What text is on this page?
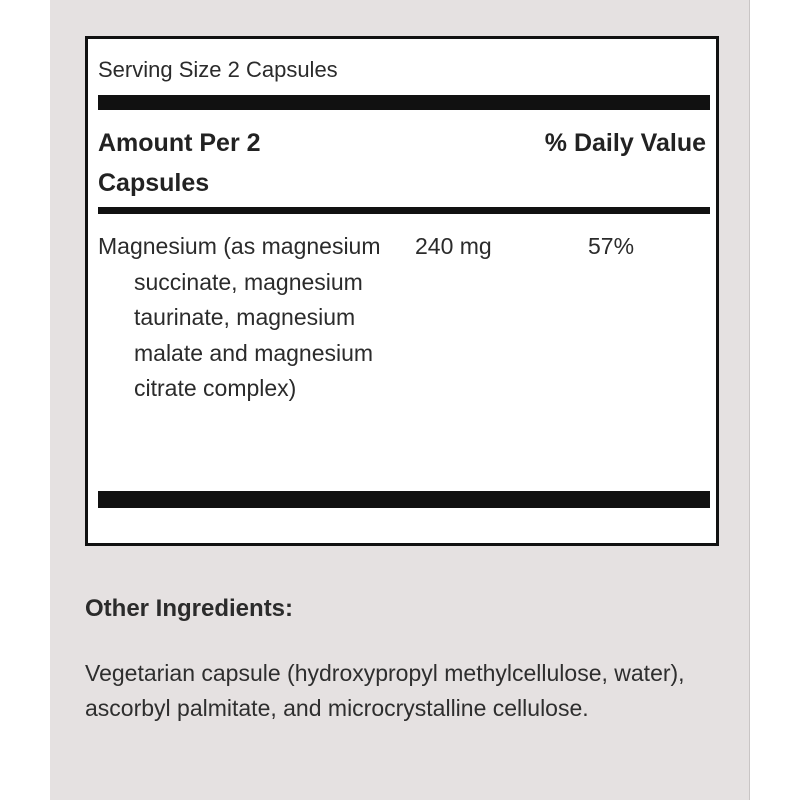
Serving Size 2 Capsules
Amount Per 2 Capsules
% Daily Value
Magnesium (as magnesium succinate, magnesium taurinate, magnesium malate and magnesium citrate complex)
240 mg	57%
Other Ingredients:
Vegetarian capsule (hydroxypropyl methylcellulose, water), ascorbyl palmitate, and microcrystalline cellulose.
